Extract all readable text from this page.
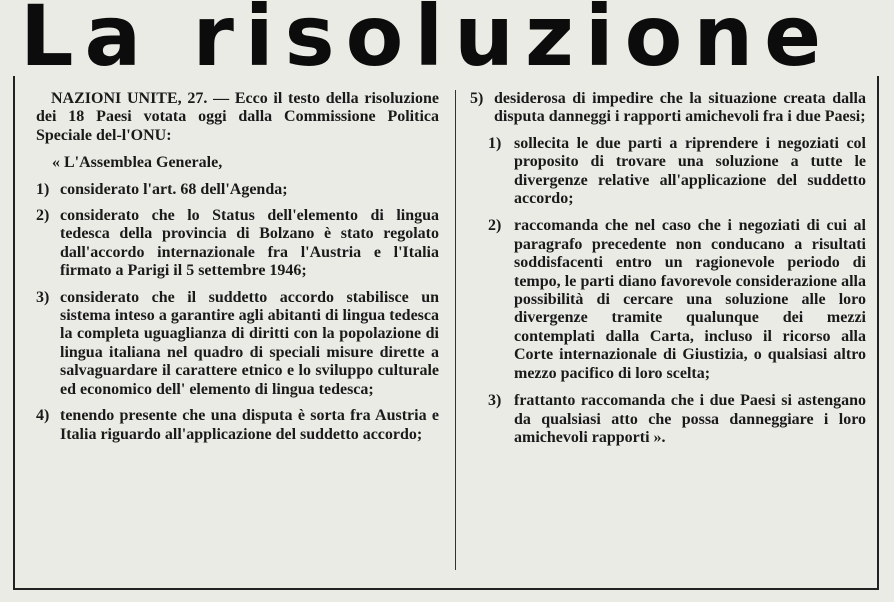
La risoluzione

NAZIONI UNITE, 27. — Ecco il testo della risoluzione dei 18 Paesi votata oggi dalla Commissione Politica Speciale del-l'ONU:

« L'Assemblea Generale,
1) considerato l'art. 68 dell'Agenda;
2) considerato che lo Status dell'elemento di lingua tedesca della provincia di Bolzano è stato regolato dall'accordo internazionale fra l'Austria e l'Italia firmato a Parigi il 5 settembre 1946;
3) considerato che il suddetto accordo stabilisce un sistema inteso a garantire agli abitanti di lingua tedesca la completa uguaglianza di diritti con la popolazione di lingua italiana nel quadro di speciali misure dirette a salvaguardare il carattere etnico e lo sviluppo culturale ed economico dell' elemento di lingua tedesca;
4) tenendo presente che una disputa è sorta fra Austria e Italia riguardo all'applicazione del suddetto accordo;
5) desiderosa di impedire che la situazione creata dalla disputa danneggi i rapporti amichevoli fra i due Paesi;
1) sollecita le due parti a riprendere i negoziati col proposito di trovare una soluzione a tutte le divergenze relative all'applicazione del suddetto accordo;
2) raccomanda che nel caso che i negoziati di cui al paragrafo precedente non conducano a risultati soddisfacenti entro un ragionevole periodo di tempo, le parti diano favorevole considerazione alla possibilità di cercare una soluzione alle loro divergenze tramite qualunque dei mezzi contemplati dalla Carta, incluso il ricorso alla Corte internazionale di Giustizia, o qualsiasi altro mezzo pacifico di loro scelta;
3) frattanto raccomanda che i due Paesi si astengano da qualsiasi atto che possa danneggiare i loro amichevoli rapporti ».
